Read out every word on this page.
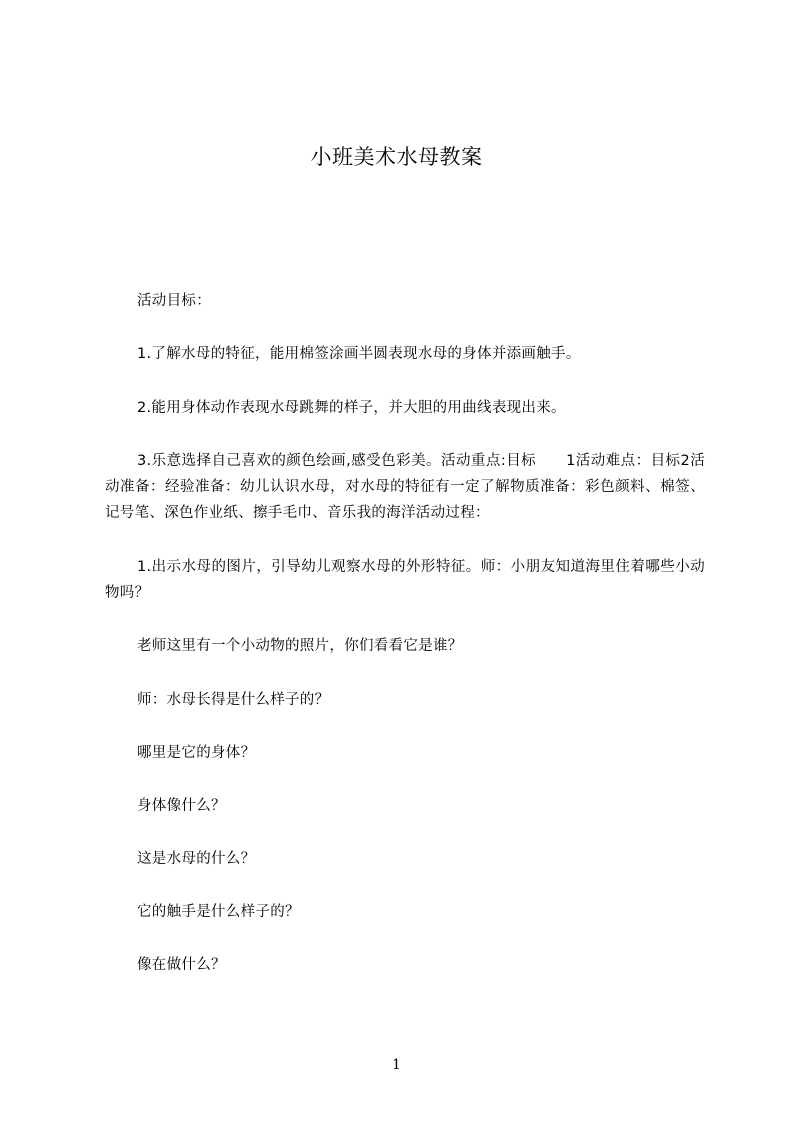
小班美术水母教案
活动目标：
1.了解水母的特征，能用棉签涂画半圆表现水母的身体并添画触手。
2.能用身体动作表现水母跳舞的样子，并大胆的用曲线表现出来。
3.乐意选择自己喜欢的颜色绘画,感受色彩美。活动重点:目标　　1活动难点：目标2活动准备：经验准备：幼儿认识水母，对水母的特征有一定了解物质准备：彩色颜料、棉签、记号笔、深色作业纸、擦手毛巾、音乐我的海洋活动过程：
1.出示水母的图片，引导幼儿观察水母的外形特征。师：小朋友知道海里住着哪些小动物吗？
老师这里有一个小动物的照片，你们看看它是谁？
师：水母长得是什么样子的？
哪里是它的身体？
身体像什么？
这是水母的什么？
它的触手是什么样子的？
像在做什么？
1
